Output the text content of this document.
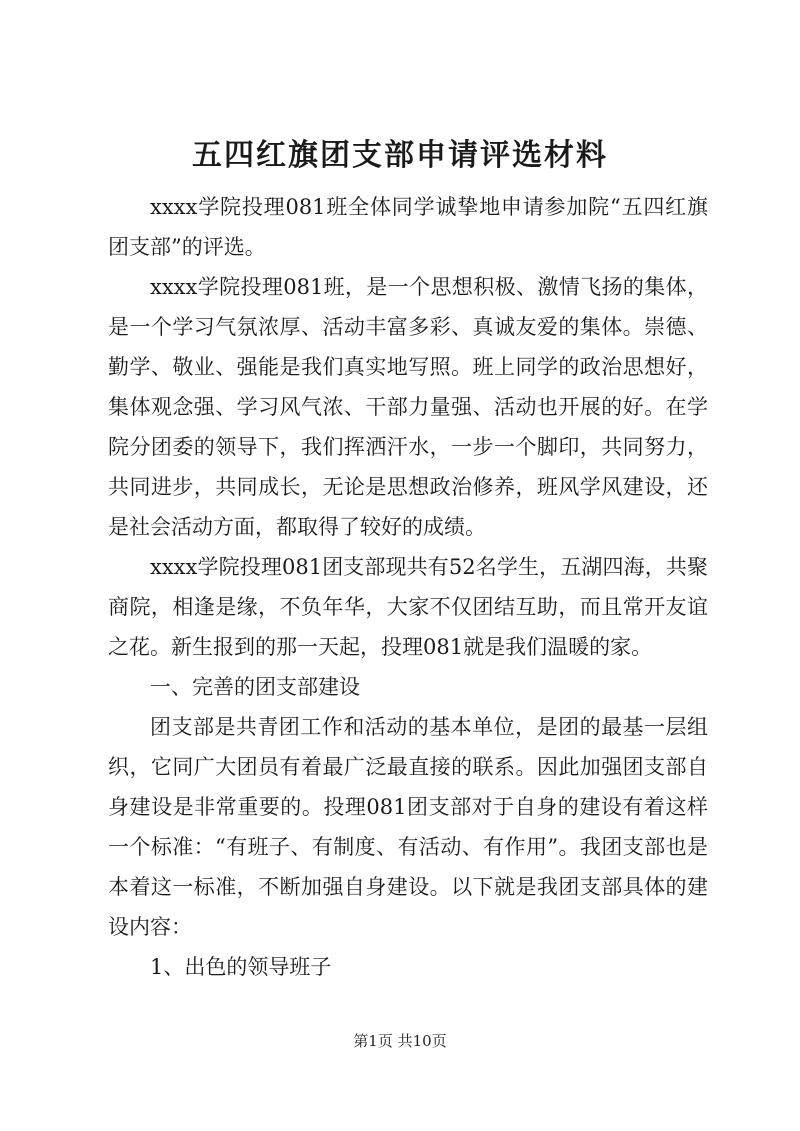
五四红旗团支部申请评选材料

xxxx学院投理081班全体同学诚挚地申请参加院“五四红旗团支部”的评选。

xxxx学院投理081班，是一个思想积极、激情飞扬的集体，是一个学习气氛浓厚、活动丰富多彩、真诚友爱的集体。崇德、勤学、敬业、强能是我们真实地写照。班上同学的政治思想好，集体观念强、学习风气浓、干部力量强、活动也开展的好。在学院分团委的领导下，我们挥洒汗水，一步一个脚印，共同努力，共同进步，共同成长，无论是思想政治修养，班风学风建设，还是社会活动方面，都取得了较好的成绩。

xxxx学院投理081团支部现共有52名学生，五湖四海，共聚商院，相逢是缘，不负年华，大家不仅团结互助，而且常开友谊之花。新生报到的那一天起，投理081就是我们温暖的家。

一、完善的团支部建设

团支部是共青团工作和活动的基本单位，是团的最基一层组织，它同广大团员有着最广泛最直接的联系。因此加强团支部自身建设是非常重要的。投理081团支部对于自身的建设有着这样一个标准：“有班子、有制度、有活动、有作用”。我团支部也是本着这一标准，不断加强自身建设。以下就是我团支部具体的建设内容：

1、出色的领导班子

第1页 共10页
